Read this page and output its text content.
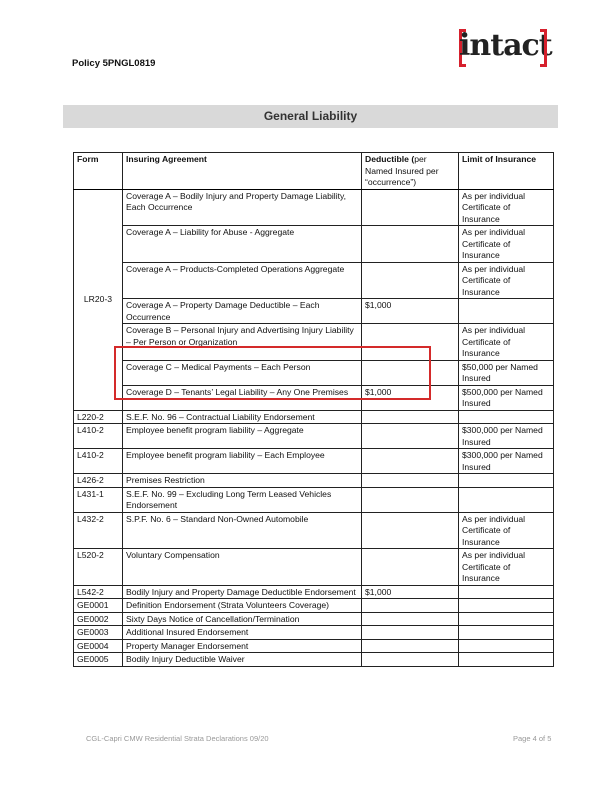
Policy 5PNGL0819
intact
General Liability
Form	Insuring Agreement	Deductible (per Named Insured per “occurrence”)	Limit of Insurance
LR20-3	Coverage A – Bodily Injury and Property Damage Liability, Each Occurrence		As per individual Certificate of Insurance
	Coverage A – Liability for Abuse - Aggregate		As per individual Certificate of Insurance
	Coverage A – Products-Completed Operations Aggregate		As per individual Certificate of Insurance
	Coverage A – Property Damage Deductible – Each Occurrence	$1,000	
	Coverage B – Personal Injury and Advertising Injury Liability – Per Person or Organization		As per individual Certificate of Insurance
	Coverage C – Medical Payments – Each Person		$50,000 per Named Insured
	Coverage D – Tenants’ Legal Liability – Any One Premises	$1,000	$500,000 per Named Insured
L220-2	S.E.F. No. 96 – Contractual Liability Endorsement		
L410-2	Employee benefit program liability – Aggregate		$300,000 per Named Insured
L410-2	Employee benefit program liability – Each Employee		$300,000 per Named Insured
L426-2	Premises Restriction		
L431-1	S.E.F. No. 99 – Excluding Long Term Leased Vehicles Endorsement		
L432-2	S.P.F. No. 6 – Standard Non-Owned Automobile		As per individual Certificate of Insurance
L520-2	Voluntary Compensation		As per individual Certificate of Insurance
L542-2	Bodily Injury and Property Damage Deductible Endorsement	$1,000	
GE0001	Definition Endorsement (Strata Volunteers Coverage)		
GE0002	Sixty Days Notice of Cancellation/Termination		
GE0003	Additional Insured Endorsement		
GE0004	Property Manager Endorsement		
GE0005	Bodily Injury Deductible Waiver		
CGL-Capri CMW Residential Strata Declarations 09/20	Page 4 of 5
